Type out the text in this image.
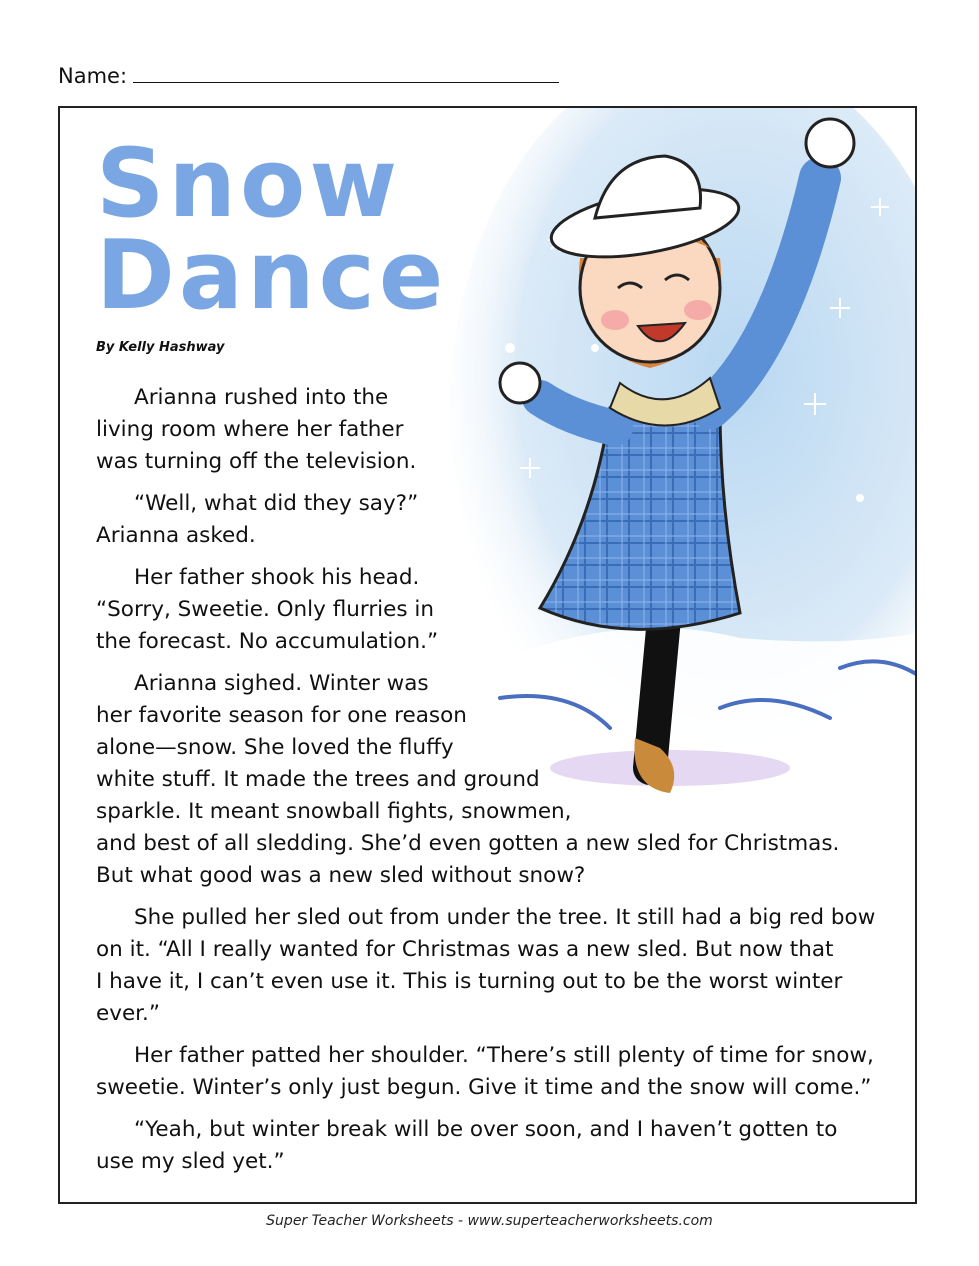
Name:
Snow
Dance
By Kelly Hashway

Arianna rushed into the
living room where her father
was turning off the television.

“Well, what did they say?”
Arianna asked.

Her father shook his head.
“Sorry, Sweetie. Only flurries in
the forecast. No accumulation.”

Arianna sighed. Winter was
her favorite season for one reason
alone—snow. She loved the fluffy
white stuff. It made the trees and ground
sparkle. It meant snowball fights, snowmen,
and best of all sledding. She’d even gotten a new sled for Christmas.
But what good was a new sled without snow?

She pulled her sled out from under the tree. It still had a big red bow
on it. “All I really wanted for Christmas was a new sled. But now that
I have it, I can’t even use it. This is turning out to be the worst winter
ever.”

Her father patted her shoulder. “There’s still plenty of time for snow,
sweetie. Winter’s only just begun. Give it time and the snow will come.”

“Yeah, but winter break will be over soon, and I haven’t gotten to
use my sled yet.”

Super Teacher Worksheets - www.superteacherworksheets.com
